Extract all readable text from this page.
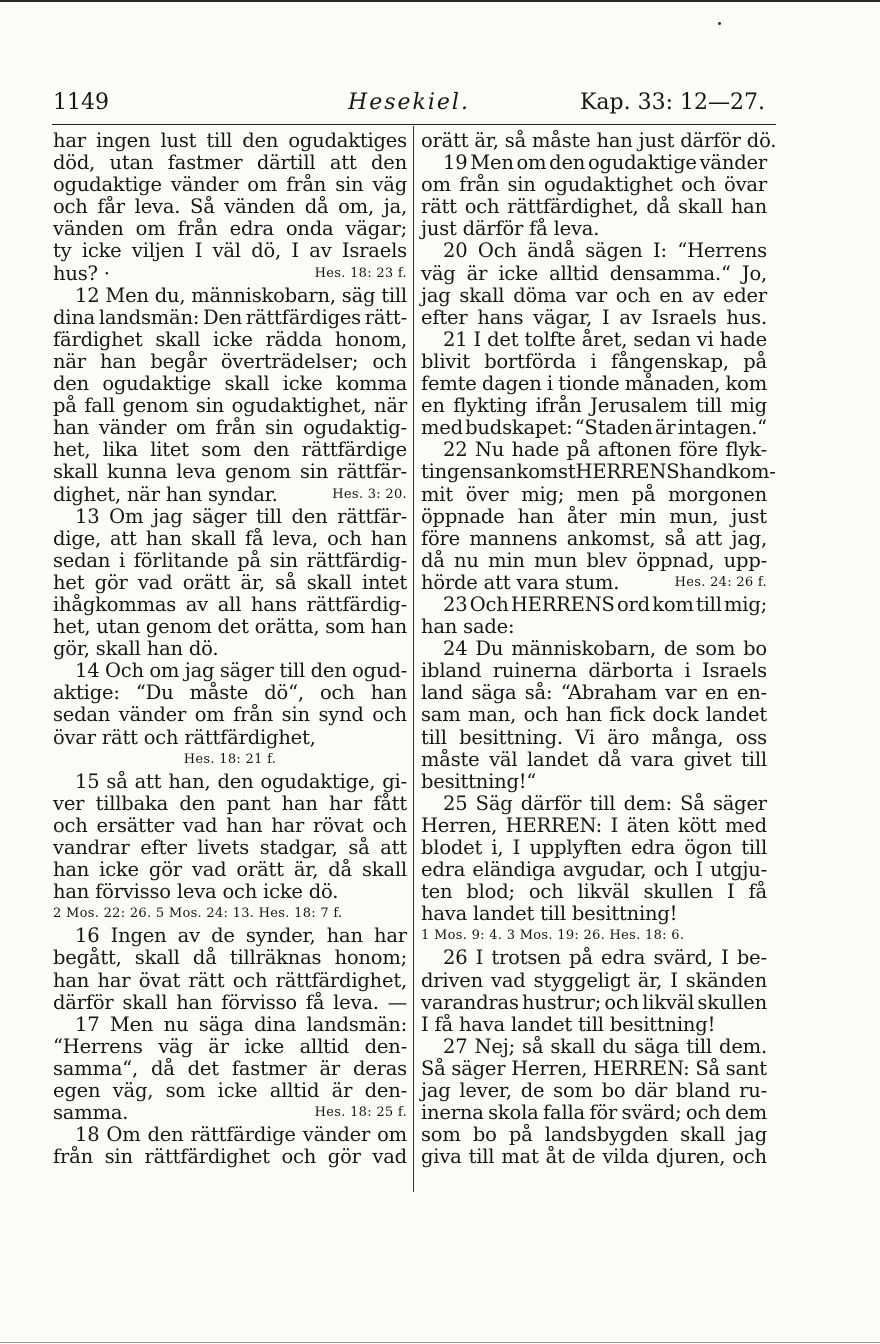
1149	Hesekiel.	Kap. 33: 12—27.
har ingen lust till den ogudaktiges
död, utan fastmer därtill att den
ogudaktige vänder om från sin väg
och får leva. Så vänden då om, ja,
vänden om från edra onda vägar;
ty icke viljen I väl dö, I av Israels
hus? ·	Hes. 18: 23 f.
12 Men du, människobarn, säg till
dina landsmän: Den rättfärdiges rätt-
färdighet skall icke rädda honom,
när han begår överträdelser; och
den ogudaktige skall icke komma
på fall genom sin ogudaktighet, när
han vänder om från sin ogudaktig-
het, lika litet som den rättfärdige
skall kunna leva genom sin rättfär-
dighet, när han syndar.	Hes. 3: 20.
13 Om jag säger till den rättfär-
dige, att han skall få leva, och han
sedan i förlitande på sin rättfärdig-
het gör vad orätt är, så skall intet
ihågkommas av all hans rättfärdig-
het, utan genom det orätta, som han
gör, skall han dö.
14 Och om jag säger till den ogud-
aktige: “Du måste dö“, och han
sedan vänder om från sin synd och
övar rätt och rättfärdighet,
Hes. 18: 21 f.
15 så att han, den ogudaktige, gi-
ver tillbaka den pant han har fått
och ersätter vad han har rövat och
vandrar efter livets stadgar, så att
han icke gör vad orätt är, då skall
han förvisso leva och icke dö.
2 Mos. 22: 26. 5 Mos. 24: 13. Hes. 18: 7 f.
16 Ingen av de synder, han har
begått, skall då tillräknas honom;
han har övat rätt och rättfärdighet,
därför skall han förvisso få leva. —
17 Men nu säga dina landsmän:
“Herrens väg är icke alltid den-
samma“, då det fastmer är deras
egen väg, som icke alltid är den-
samma.	Hes. 18: 25 f.
18 Om den rättfärdige vänder om
från sin rättfärdighet och gör vad
orätt är, så måste han just därför dö.
19 Men om den ogudaktige vänder
om från sin ogudaktighet och övar
rätt och rättfärdighet, då skall han
just därför få leva.
20 Och ändå sägen I: “Herrens
väg är icke alltid densamma.“ Jo,
jag skall döma var och en av eder
efter hans vägar, I av Israels hus.
21 I det tolfte året, sedan vi hade
blivit bortförda i fångenskap, på
femte dagen i tionde månaden, kom
en flykting ifrån Jerusalem till mig
med budskapet: “Staden är intagen.“
22 Nu hade på aftonen före flyk-
tingens ankomst HERRENS hand kom-
mit över mig; men på morgonen
öppnade han åter min mun, just
före mannens ankomst, så att jag,
då nu min mun blev öppnad, upp-
hörde att vara stum.	Hes. 24: 26 f.
23 Och HERRENS ord kom till mig;
han sade:
24 Du människobarn, de som bo
ibland ruinerna därborta i Israels
land säga så: “Abraham var en en-
sam man, och han fick dock landet
till besittning. Vi äro många, oss
måste väl landet då vara givet till
besittning!“
25 Säg därför till dem: Så säger
Herren, HERREN: I äten kött med
blodet i, I upplyften edra ögon till
edra eländiga avgudar, och I utgju-
ten blod; och likväl skullen I få
hava landet till besittning!
1 Mos. 9: 4. 3 Mos. 19: 26. Hes. 18: 6.
26 I trotsen på edra svärd, I be-
driven vad styggeligt är, I skänden
varandras hustrur; och likväl skullen
I få hava landet till besittning!
27 Nej; så skall du säga till dem.
Så säger Herren, HERREN: Så sant
jag lever, de som bo där bland ru-
inerna skola falla för svärd; och dem
som bo på landsbygden skall jag
giva till mat åt de vilda djuren, och
